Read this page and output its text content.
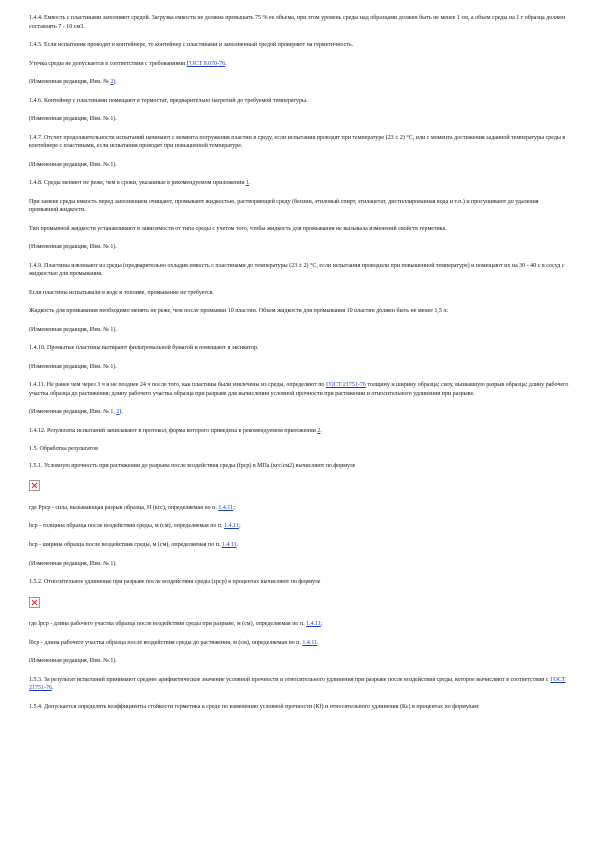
1.4.4. Емкость с пластинами заполняют средой. Загрузка емкости не должна превышать 75 % ее объема, при этом уровень среды над образцами должен быть не менее 1 см, а объем среды на 1 г образца должен составлять 7 - 10 см3.

1.4.5. Если испытания проводят в контейнере, то контейнер с пластинами и заполненный средой проверяют на герметичность.

Утечка среды не допускается в соответствии с требованиями ГОСТ 9.070-76.

(Измененная редакция, Изм. № 2).

1.4.6. Контейнер с пластинами помещают в термостат, предварительно нагретый до требуемой температуры.

(Измененная редакция, Изм. № 1).

1.4.7. Отсчет продолжительности испытаний начинают с момента погружения пластин в среду, если испытания проводят при температуре (23 ± 2) °С, или с момента достижения заданной температуры среды в контейнере с пластинами, если испытания проводят при повышенной температуре.

(Измененная редакция, Изм. № 1).

1.4.8. Среды меняют не реже, чем в сроки, указанные в рекомендуемом приложении 1.

При замене среды емкость перед заполнением очищают, промывают жидкостью, растворяющей среду (бензин, этиловый спирт, этилацетат, дистиллированная вода и т.п.) и просушивают до удаления промывной жидкости.

Тип промывной жидкости устанавливают в зависимости от типа среды с учетом того, чтобы жидкость для промывания не вызывала изменений свойств герметика.

(Измененная редакция, Изм. № 1).

1.4.9. Пластины извлекают из среды (предварительно охладив емкость с пластинами до температуры (23 ± 2) °С, если испытания проводили при повышенной температуре) и помещают их на 30 - 40 с в сосуд с жидкостью для промывания.

Если пластины испытывали в воде и топливе, промывание не требуется.

Жидкость для промывания необходимо менять не реже, чем после промывки 10 пластин. Объем жидкости для промывания 10 пластин должен быть не менее 1,5 л.

(Измененная редакция, Изм. № 1).

1.4.10. Промытые пластины вытирают фильтровальной бумагой и помещают в эксикатор.

(Измененная редакция, Изм. № 1).

1.4.11. Не ранее чем через 3 ч и не позднее 24 ч после того, как пластины были извлечены из среды, определяют по ГОСТ 21751-76 толщину и ширину образца; силу, вызвавшую разрыв образца; длину рабочего участка образца до растяжения; длину рабочего участка образца при разрыве для вычисления условной прочности при растяжении и относительного удлинения при разрыве.

(Измененная редакция, Изм. № 1, 2).

1.4.12. Результаты испытаний записывают в протокол, форма которого приведена в рекомендуемом приложении 2.

1.5. Обработка результатов

1.5.1. Условную прочность при растяжении до разрыва после воздействия среды (fрср) в МПа (кгс/см2) вычисляют по формуле

где Pрср - сила, вызывающая разрыв образца, Н (кгс), определяемая по п. 1.4.11;

hср - толщина образца после воздействия среды, м (см), определяемая по п. 1.4.11;

bср - ширина образца после воздействия среды, м (см), определяемая по п. 1.4.11.

(Измененная редакция, Изм. № 1).

1.5.2. Относительное удлинение при разрыве после воздействия среды (εрср) в процентах вычисляют по формуле

где lрср - длина рабочего участка образца после воздействия среды при разрыве, м (см), определяемая по п. 1.4.11;

l0ср - длина рабочего участка образца после воздействия среды до растяжения, м (см), определяемая по п. 1.4.11.

(Измененная редакция, Изм. № 1).

1.5.3. За результат испытаний принимают среднее арифметическое значение условной прочности и относительного удлинения при разрыве после воздействия среды, которое вычисляют в соответствии с ГОСТ 21751-76.

1.5.4. Допускается определять коэффициенты стойкости герметика к среде по изменению условной прочности (Кf) и относительного удлинения (Кε) в процентах по формулам:
